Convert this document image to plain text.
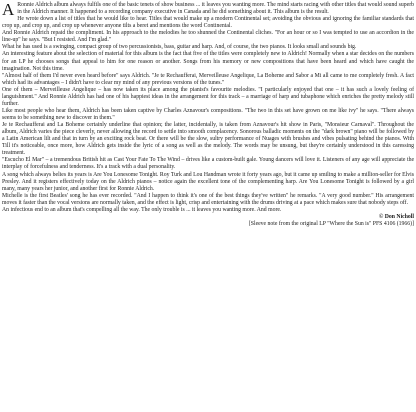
A Ronnie Aldrich album always fulfils one of the basic tenets of show business ... it leaves you wanting more. The mind starts racing with other titles that would sound superb in the Aldrich manner. It happened to a recording company executive in Canada and he did something about it. This album is the result.

He wrote down a list of titles that he would like to hear. Titles that would make up a modern Continental set; avoiding the obvious and ignoring the familiar standards that crop up, and crop up, and crop up whenever anyone tilts a beret and mentions the word Continental.

And Ronnie Aldrich repaid the compliment. In his approach to the melodies he too shunned the Continental cliches. "For an hour or so I was tempted to use an accordion in the line-up" he says. "But I resisted. And I'm glad."

What he has used is a swinging, compact group of two percussionists, bass, guitar and harp. And, of course, the two pianos. It looks small and sounds big.

An interesting feature about the selection of material for this album is the fact that five of the titles were completely new to Aldrich! Normally when a star decides on the numbers for an LP he chooses songs that appeal to him for one reason or another. Songs from his memory or new compositions that have been heard and which have caught the imagination. Not this time.

"Almost half of them I'd never even heard before" says Aldrich. "Je te Rechaufferai, Merveilleuse Angelique, La Boheme and Sabor a Mi all came to me completely fresh. A fact which had its advantages – I didn't have to clear my mind of any previous versions of the tunes."

One of them – Merveilleuse Angelique – has now taken its place among the pianist's favourite melodies. "I particularly enjoyed that one – it has such a lovely feeling of languishment." And Ronnie Aldrich has had one of his happiest ideas in the arrangement for this track – a marriage of harp and tubaphone which enriches the pretty melody still further.

Like most people who hear them, Aldrich has been taken captive by Charles Aznavour's compositions. "The two in this set have grown on me like ivy" he says. "There always seems to be something new to discover in them."

Je te Rechaufferai and La Boheme certainly underline that opinion; the latter, incidentally, is taken from Aznavour's hit show in Paris, "Monsieur Carnaval". Throughout the album, Aldrich varies the piece cleverly, never allowing the record to settle into smooth complacency. Sonorous balladic moments on the "dark brown" piano will be followed by a Latin American lilt and that in turn by an exciting rock beat. Or there will be the slow, sultry performance of Nuages with brushes and vibes pulsating behind the pianos. With Till it's noticeable, once more, how Aldrich gets inside the lyric of a song as well as the melody. The words may be unsung, but they're certainly understood in this caressing treatment.

"Escucho El Mar" – a tremendous British hit as Cast Your Fate To The Wind – drives like a custom-built gale. Young dancers will love it. Listeners of any age will appreciate the interplay of forcefulness and tenderness. It's a track with a dual personality.

A song which always belies its years is Are You Lonesome Tonight. Roy Turk and Lou Handman wrote it forty years ago, but it came up smiling to make a million-seller for Elvis Presley. And it registers effectively today on the Aldrich pianos – notice again the excellent tone of the complementing harp. Are You Lonesome Tonight is followed by a girl many, many years her junior, and another first for Ronnie Aldrich.

Michelle is the first Beatles' song he has ever recorded. "And I happen to think it's one of the best things they've written" he remarks. "A very good number." His arrangement moves it faster than the vocal versions are normally taken, and the effect is light, crisp and entertaining with the drums driving at a pace which makes sure that nobody steps off.

An infectious end to an album that's compelling all the way. The only trouble is ... it leaves you wanting more. And more.

© Don Nicholl

[Sleeve note from the original LP "Where the Sun is" PFS 4106 (1966)]
